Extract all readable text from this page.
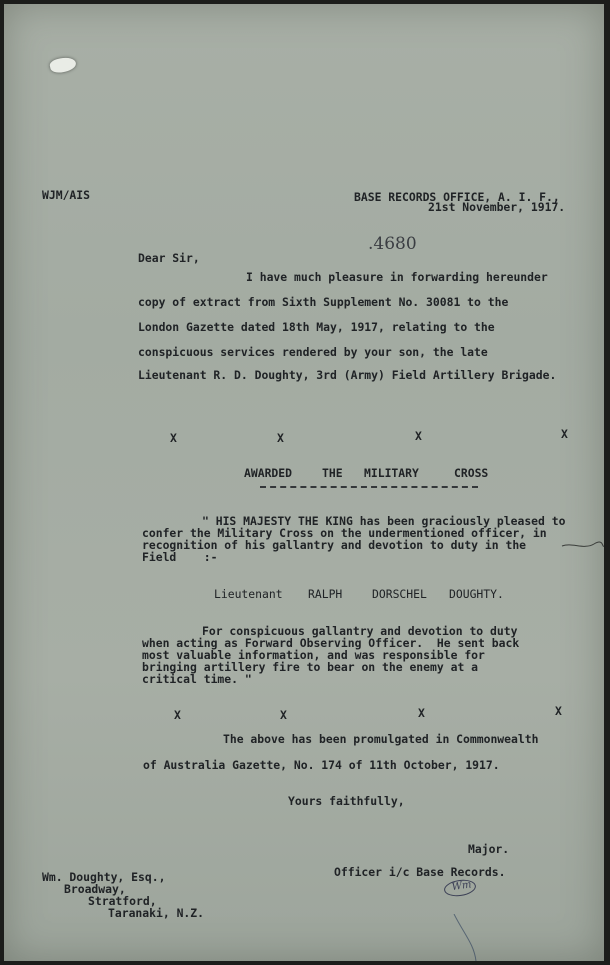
WJM/AIS	BASE RECORDS OFFICE, A. I. F.,
21st November, 1917.
.4680
Dear Sir,
I have much pleasure in forwarding hereunder
copy of extract from Sixth Supplement No. 30081 to the
London Gazette dated 18th May, 1917, relating to the
conspicuous services rendered by your son, the late
Lieutenant R. D. Doughty, 3rd (Army) Field Artillery Brigade.
X	X	X	X
AWARDED	THE MILITARY	CROSS
" HIS MAJESTY THE KING has been graciously pleased to
confer the Military Cross on the undermentioned officer, in
recognition of his gallantry and devotion to duty in the
Field    :-
Lieutenant RALPH	DORSCHEL DOUGHTY.
For conspicuous gallantry and devotion to duty
when acting as Forward Observing Officer.  He sent back
most valuable information, and was responsible for
bringing artillery fire to bear on the enemy at a
critical time. "
X	X	X	X
The above has been promulgated in Commonwealth
of Australia Gazette, No. 174 of 11th October, 1917.
Yours faithfully,
Major.
Officer i/c Base Records.
Wm
Wm. Doughty, Esq.,
Broadway,
Stratford,
Taranaki, N.Z.
